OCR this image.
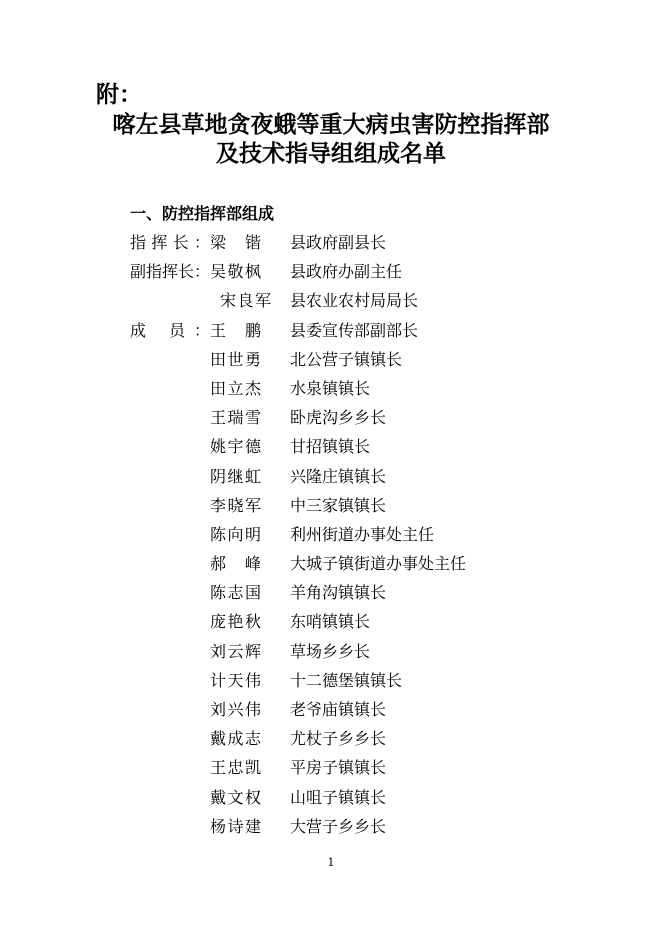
附：
喀左县草地贪夜蛾等重大病虫害防控指挥部
及技术指导组组成名单
一、防控指挥部组成
指挥长： 梁 锴 县政府副县长
副指挥长： 吴敬枫 县政府办副主任
宋良军 县农业农村局局长
成 员： 王 鹏 县委宣传部副部长
田世勇 北公营子镇镇长
田立杰 水泉镇镇长
王瑞雪 卧虎沟乡乡长
姚宇德 甘招镇镇长
阴继虹 兴隆庄镇镇长
李晓军 中三家镇镇长
陈向明 利州街道办事处主任
郝 峰 大城子镇街道办事处主任
陈志国 羊角沟镇镇长
庞艳秋 东哨镇镇长
刘云辉 草场乡乡长
计天伟 十二德堡镇镇长
刘兴伟 老爷庙镇镇长
戴成志 尤杖子乡乡长
王忠凯 平房子镇镇长
戴文权 山咀子镇镇长
杨诗建 大营子乡乡长
1
